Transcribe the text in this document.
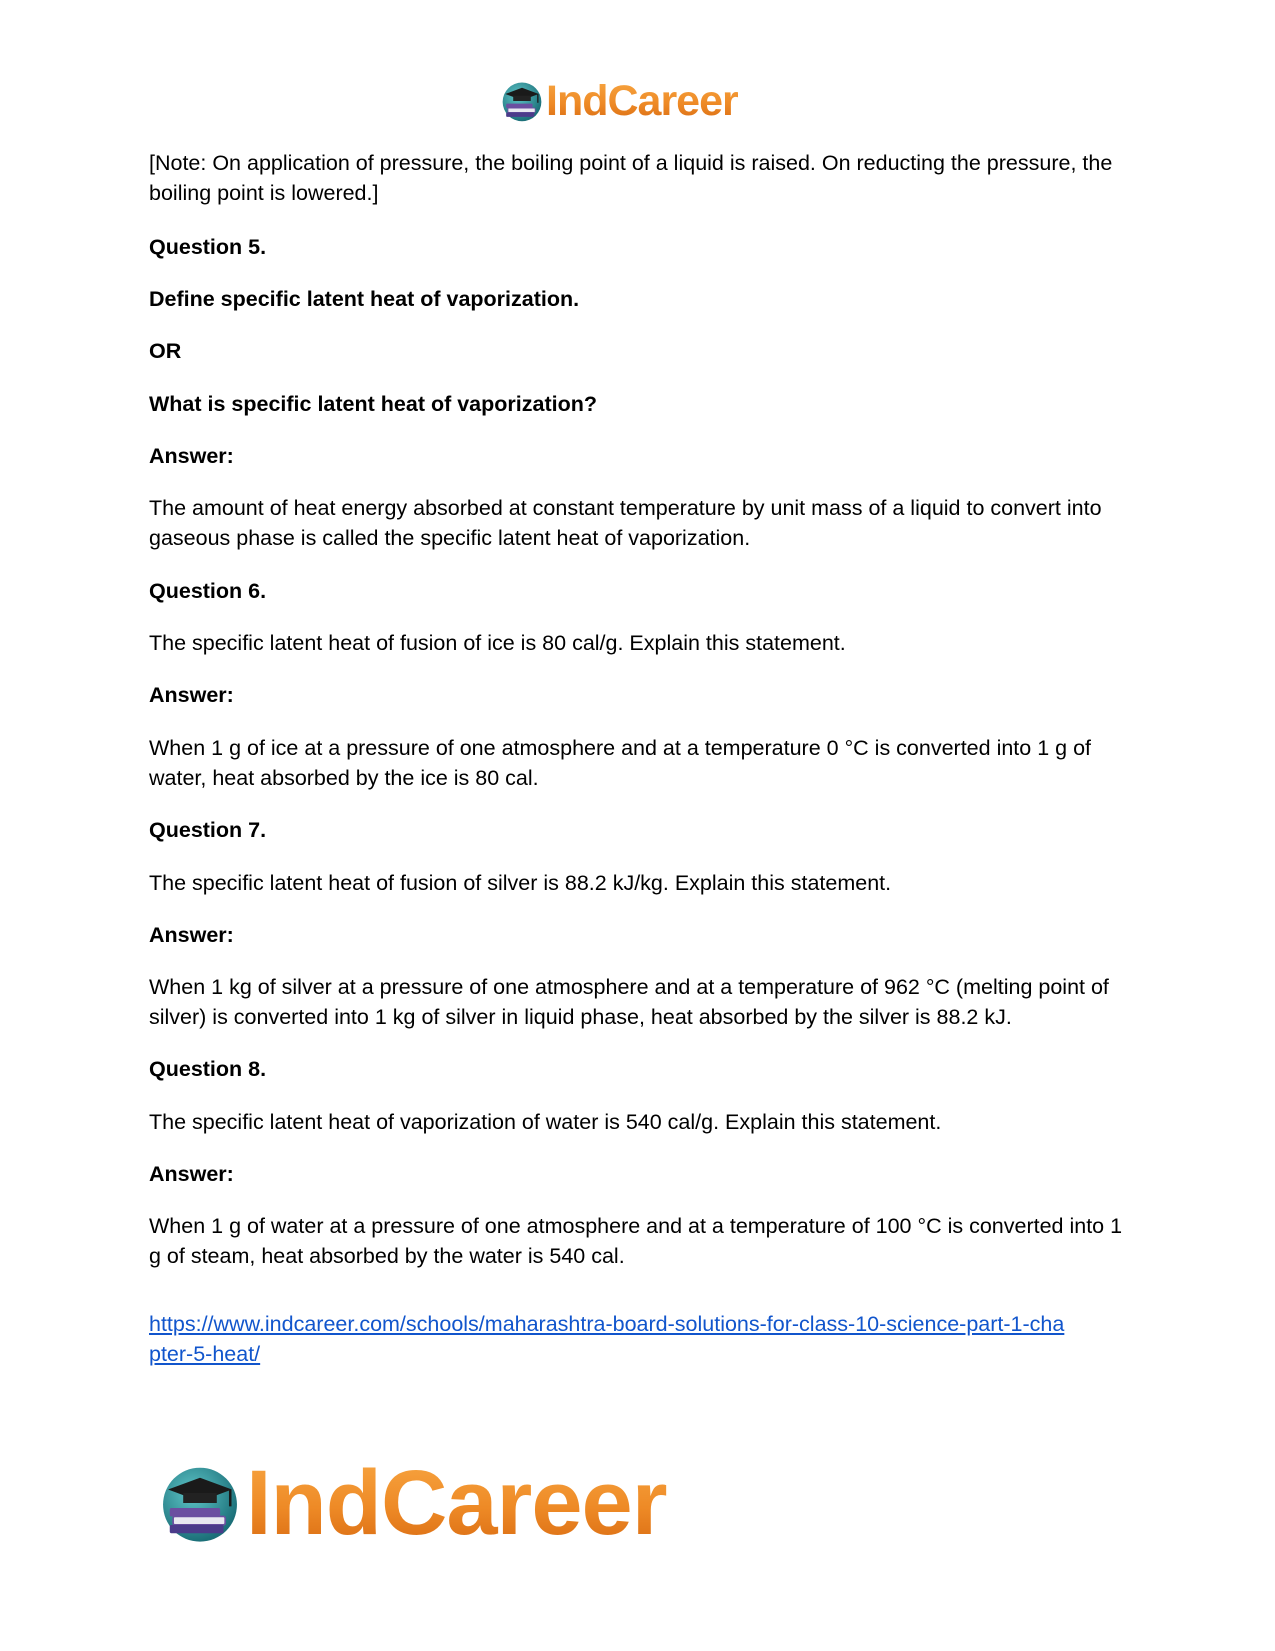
IndCareer

[Note: On application of pressure, the boiling point of a liquid is raised. On reducting the pressure, the boiling point is lowered.]

Question 5.

Define specific latent heat of vaporization.

OR

What is specific latent heat of vaporization?

Answer:

The amount of heat energy absorbed at constant temperature by unit mass of a liquid to convert into gaseous phase is called the specific latent heat of vaporization.

Question 6.

The specific latent heat of fusion of ice is 80 cal/g. Explain this statement.

Answer:

When 1 g of ice at a pressure of one atmosphere and at a temperature 0 °C is converted into 1 g of water, heat absorbed by the ice is 80 cal.

Question 7.

The specific latent heat of fusion of silver is 88.2 kJ/kg. Explain this statement.

Answer:

When 1 kg of silver at a pressure of one atmosphere and at a temperature of 962 °C (melting point of silver) is converted into 1 kg of silver in liquid phase, heat absorbed by the silver is 88.2 kJ.

Question 8.

The specific latent heat of vaporization of water is 540 cal/g. Explain this statement.

Answer:

When 1 g of water at a pressure of one atmosphere and at a temperature of 100 °C is converted into 1 g of steam, heat absorbed by the water is 540 cal.

https://www.indcareer.com/schools/maharashtra-board-solutions-for-class-10-science-part-1-cha
pter-5-heat/

IndCareer
